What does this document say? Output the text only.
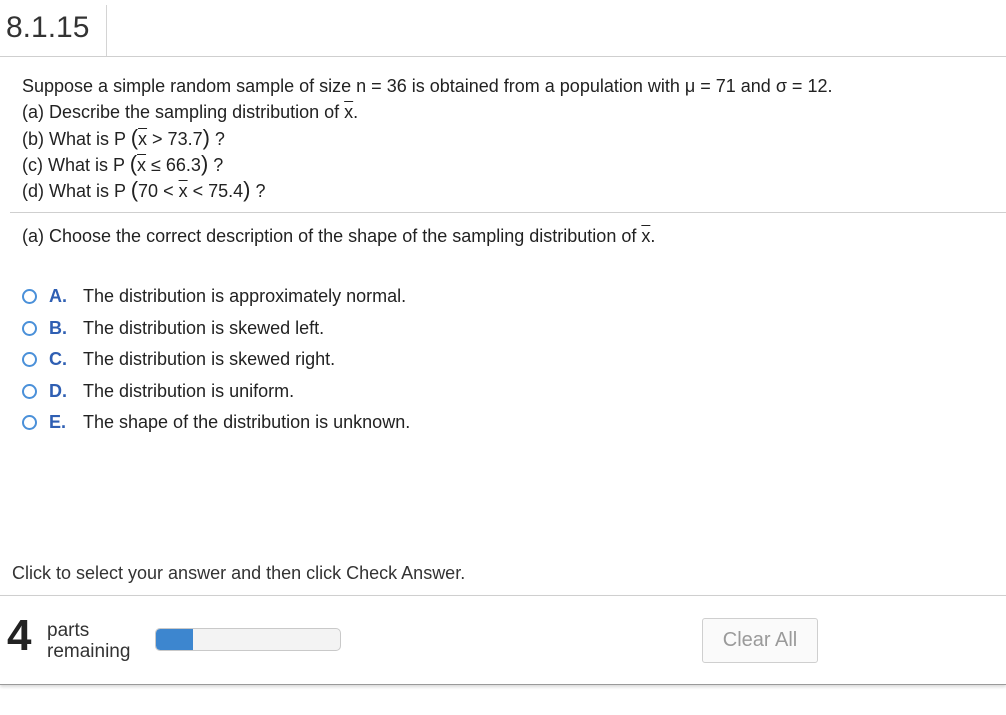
8.1.15
Suppose a simple random sample of size n = 36 is obtained from a population with μ = 71 and σ = 12.
(a) Describe the sampling distribution of $\overline{x}$.
(b) What is P $(\overline{x} > 73.7)$ ?
(c) What is P $(\overline{x} \le 66.3)$ ?
(d) What is P $(70 < \overline{x} < 75.4)$ ?
(a) Choose the correct description of the shape of the sampling distribution of $\overline{x}$.
A. The distribution is approximately normal.
B. The distribution is skewed left.
C. The distribution is skewed right.
D. The distribution is uniform.
E. The shape of the distribution is unknown.
Click to select your answer and then click Check Answer.
4 parts
remaining
Clear All
